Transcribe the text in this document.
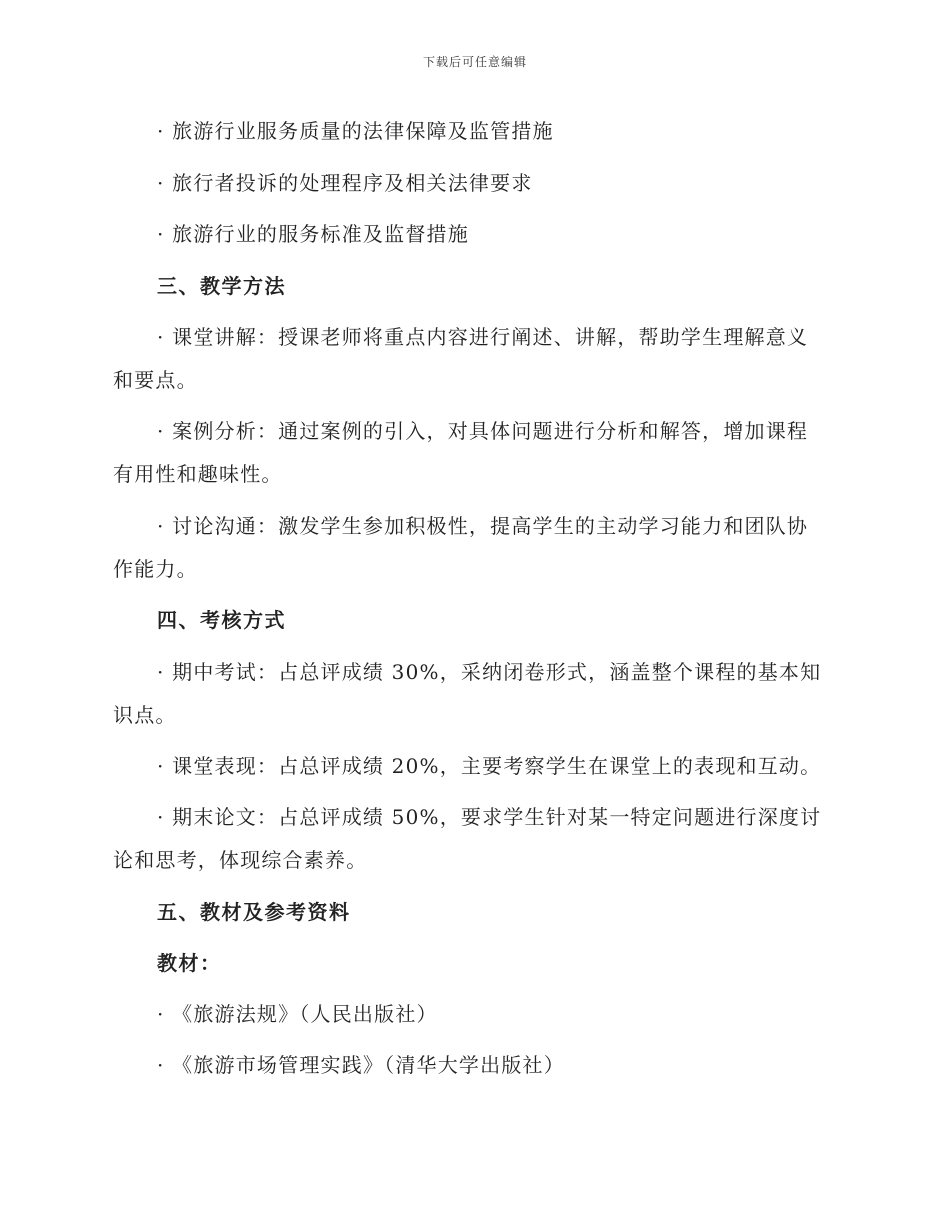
下载后可任意编辑
· 旅游行业服务质量的法律保障及监管措施
· 旅行者投诉的处理程序及相关法律要求
· 旅游行业的服务标准及监督措施
三、教学方法
· 课堂讲解：授课老师将重点内容进行阐述、讲解，帮助学生理解意义
和要点。
· 案例分析：通过案例的引入，对具体问题进行分析和解答，增加课程
有用性和趣味性。
· 讨论沟通：激发学生参加积极性，提高学生的主动学习能力和团队协
作能力。
四、考核方式
· 期中考试：占总评成绩 30%，采纳闭卷形式，涵盖整个课程的基本知
识点。
· 课堂表现：占总评成绩 20%，主要考察学生在课堂上的表现和互动。
· 期末论文：占总评成绩 50%，要求学生针对某一特定问题进行深度讨
论和思考，体现综合素养。
五、教材及参考资料
教材：
· 《旅游法规》（人民出版社）
· 《旅游市场管理实践》（清华大学出版社）
